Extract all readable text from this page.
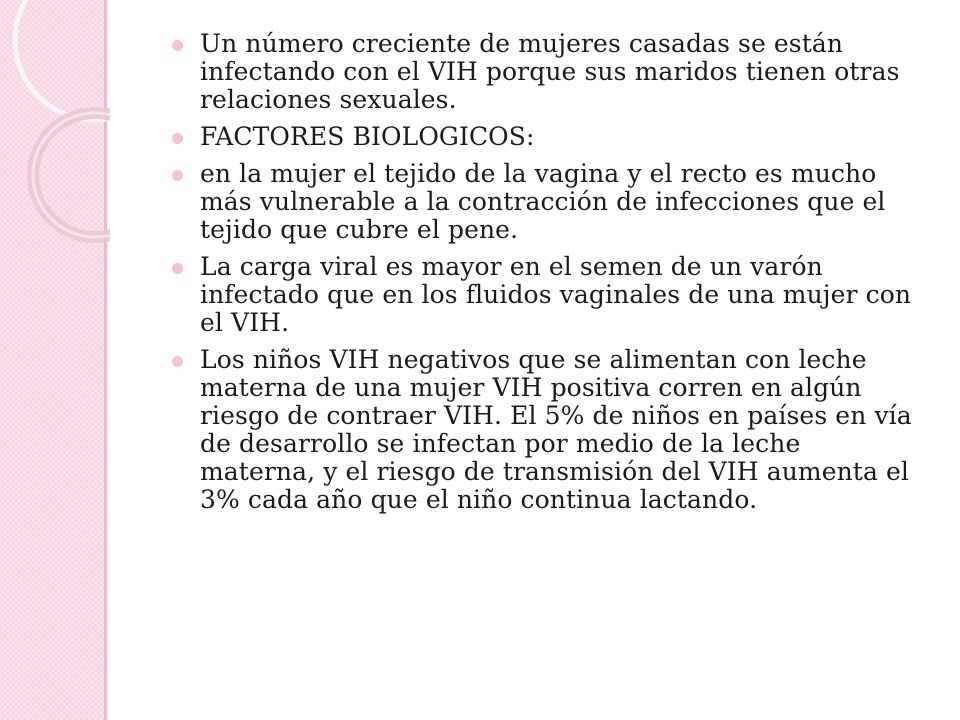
Un número creciente de mujeres casadas se están infectando con el VIH porque sus maridos tienen otras relaciones sexuales.
FACTORES BIOLOGICOS:
en la mujer el tejido de la vagina y el recto es mucho más vulnerable a la contracción de infecciones que el tejido que cubre el pene.
La carga viral es mayor en el semen de un varón infectado que en los fluidos vaginales de una mujer con el VIH.
Los niños VIH negativos que se alimentan con leche materna de una mujer VIH positiva corren en algún riesgo de contraer VIH. El 5% de niños en países en vía de desarrollo se infectan por medio de la leche materna, y el riesgo de transmisión del VIH aumenta el 3% cada año que el niño continua lactando.
